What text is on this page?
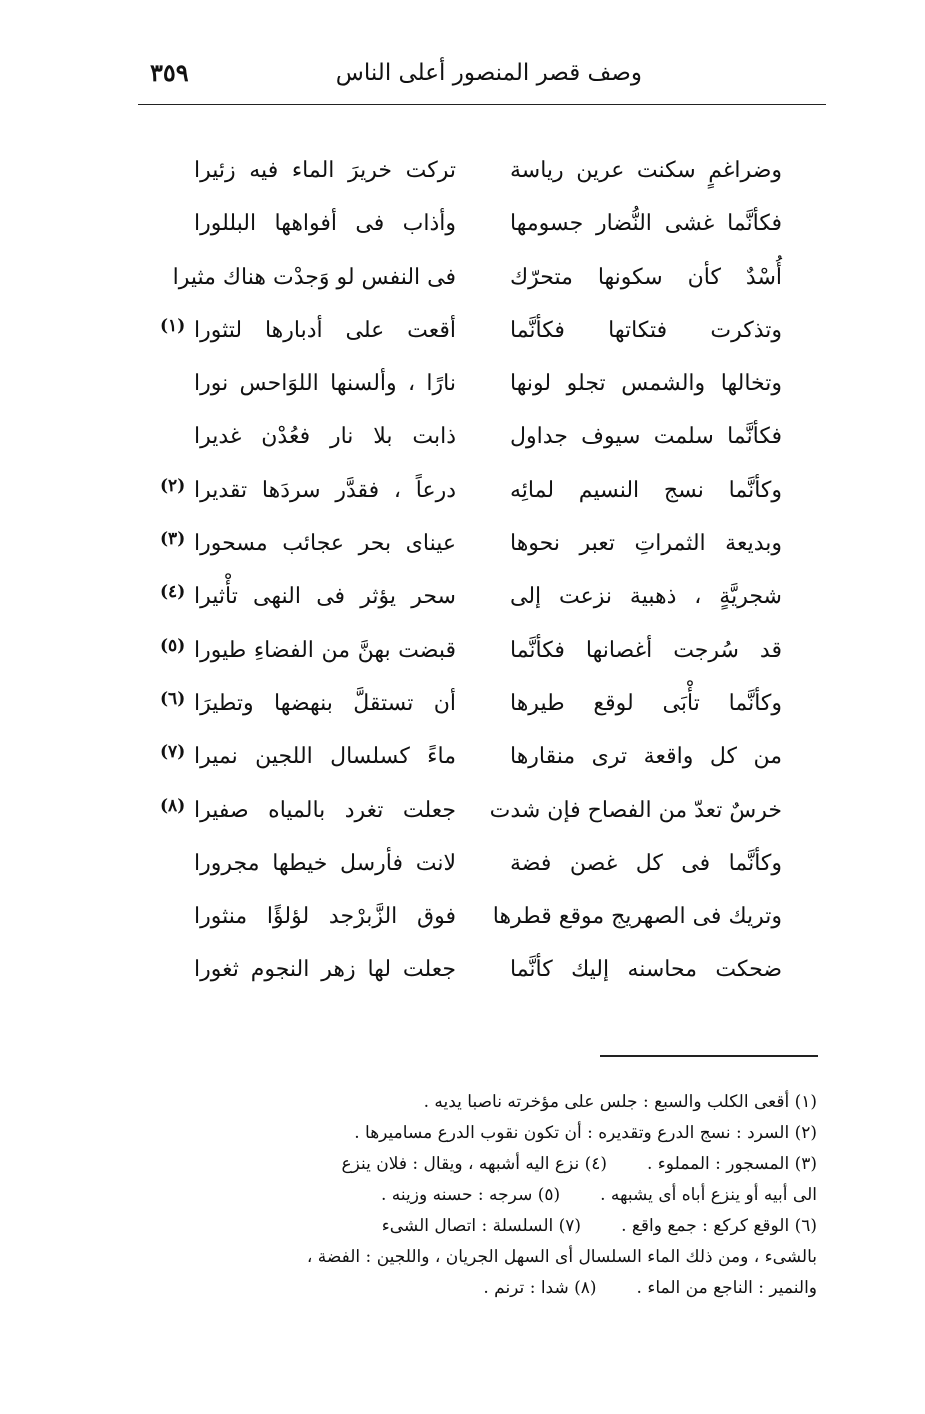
وصف قصر المنصور أعلى الناس
٣٥٩
وضراغمٍ سكنت عرين رياسة
تركت خريرَ الماء فيه زئيرا
فكأنَّما غشى النُّضار جسومها
وأذاب فى أفواهها البللورا
أُسْدٌ كأن سكونها متحرّك
فى النفس لو وَجدْت هناك مثيرا
وتذكرت فتكاتها فكأنَّما
أقعت على أدبارها لتثورا
(١)
وتخالها والشمس تجلو لونها
نارًا ، وألسنها اللوَاحس نورا
فكأنَّما سلمت سيوف جداول
ذابت بلا نار فعُدْن غديرا
وكأنَّما نسج النسيم لمائِه
درعاً ، فقدَّر سردَها تقديرا
(٢)
وبديعة الثمراتِ تعبر نحوها
عيناى بحر عجائب مسحورا
(٣)
شجريَّةٍ ، ذهبية نزعت إلى
سحر يؤثر فى النهى تأْثيرا
(٤)
قد سُرجت أغصانها فكأنَّما
قبضت بهنَّ من الفضاءِ طيورا
(٥)
وكأنَّما تأْبَى لوقع طيرها
أن تستقلَّ بنهضها وتطيرَا
(٦)
من كل واقعة ترى منقارها
ماءً كسلسال اللجين نميرا
(٧)
خرسٌ تعدّ من الفصاح فإن شدت
جعلت تغرد بالمياه صفيرا
(٨)
وكأنَّما فى كل غصن فضة
لانت فأرسل خيطها مجرورا
وتريك فى الصهريج موقع قطرها
فوق الزَّبرْجد لؤلؤًا منثورا
ضحكت محاسنه إليك كأنَّما
جعلت لها زهر النجوم ثغورا
(١) أقعى الكلب والسبع : جلس على مؤخرته ناصبا يديه .
(٢) السرد : نسج الدرع وتقديره : أن تكون نقوب الدرع مساميرها .
(٣) المسجور : المملوء .(٤) نزع اليه أشبهه ، ويقال : فلان ينزع
الى أبيه أو ينزع أباه أى يشبهه .(٥) سرجه : حسنه وزينه .
(٦) الوقع كركع : جمع واقع .(٧) السلسلة : اتصال الشىء
بالشىء ، ومن ذلك الماء السلسال أى السهل الجريان ، واللجين : الفضة ،
والنمير : الناجع من الماء .(٨) شدا : ترنم .
